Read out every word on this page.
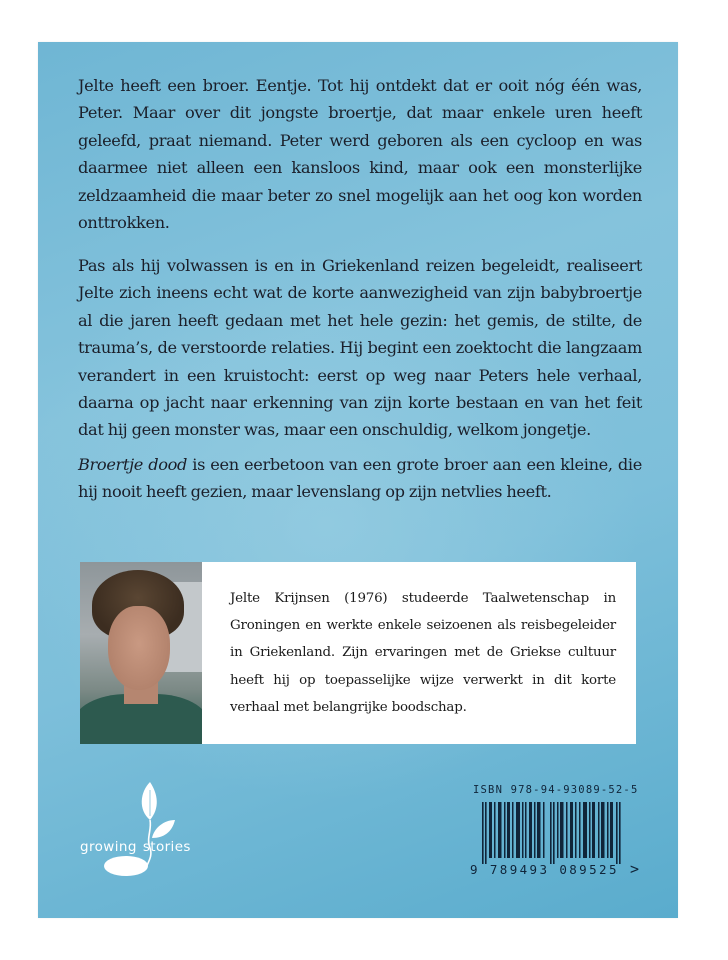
Jelte heeft een broer. Eentje. Tot hij ontdekt dat er ooit nóg één was, Peter. Maar over dit jongste broertje, dat maar enkele uren heeft geleefd, praat niemand. Peter werd geboren als een cycloop en was daarmee niet alleen een kansloos kind, maar ook een monsterlijke zeldzaamheid die maar beter zo snel mogelijk aan het oog kon worden onttrokken.

Pas als hij volwassen is en in Griekenland reizen begeleidt, realiseert Jelte zich ineens echt wat de korte aanwezigheid van zijn babybroertje al die jaren heeft gedaan met het hele gezin: het gemis, de stilte, de trauma’s, de verstoorde relaties. Hij begint een zoektocht die langzaam verandert in een kruistocht: eerst op weg naar Peters hele verhaal, daarna op jacht naar erkenning van zijn korte bestaan en van het feit dat hij geen monster was, maar een onschuldig, welkom jongetje.

Broertje dood is een eerbetoon van een grote broer aan een kleine, die hij nooit heeft gezien, maar levenslang op zijn netvlies heeft.

Jelte Krijnsen (1976) studeerde Taalwetenschap in Groningen en werkte enkele seizoenen als reisbegeleider in Griekenland. Zijn ervaringen met de Griekse cultuur heeft hij op toepasselijke wijze verwerkt in dit korte verhaal met belangrijke boodschap.

growing stories
ISBN 978-94-93089-52-5
9 789493 089525 >
